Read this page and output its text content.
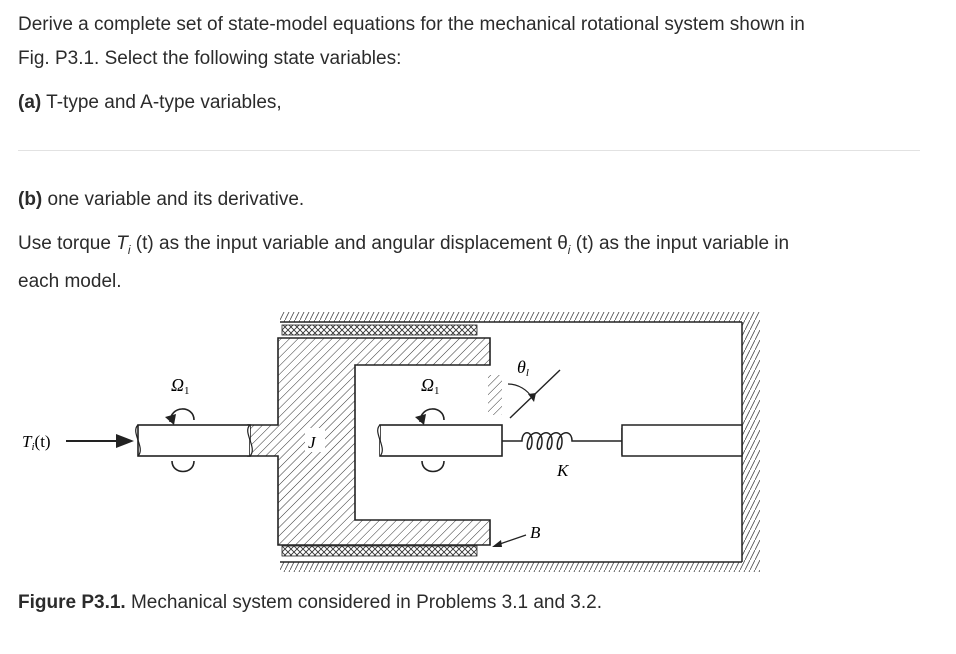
Derive a complete set of state-model equations for the mechanical rotational system shown in

Fig. P3.1. Select the following state variables:

(a) T-type and A-type variables,

(b) one variable and its derivative.

Use torque $T_i$ (t) as the input variable and angular displacement $\theta_i$ (t) as the input variable in

each model.

Ti(t)
Ω1	Ω1
θl
J
K
B

Figure P3.1. Mechanical system considered in Problems 3.1 and 3.2.
